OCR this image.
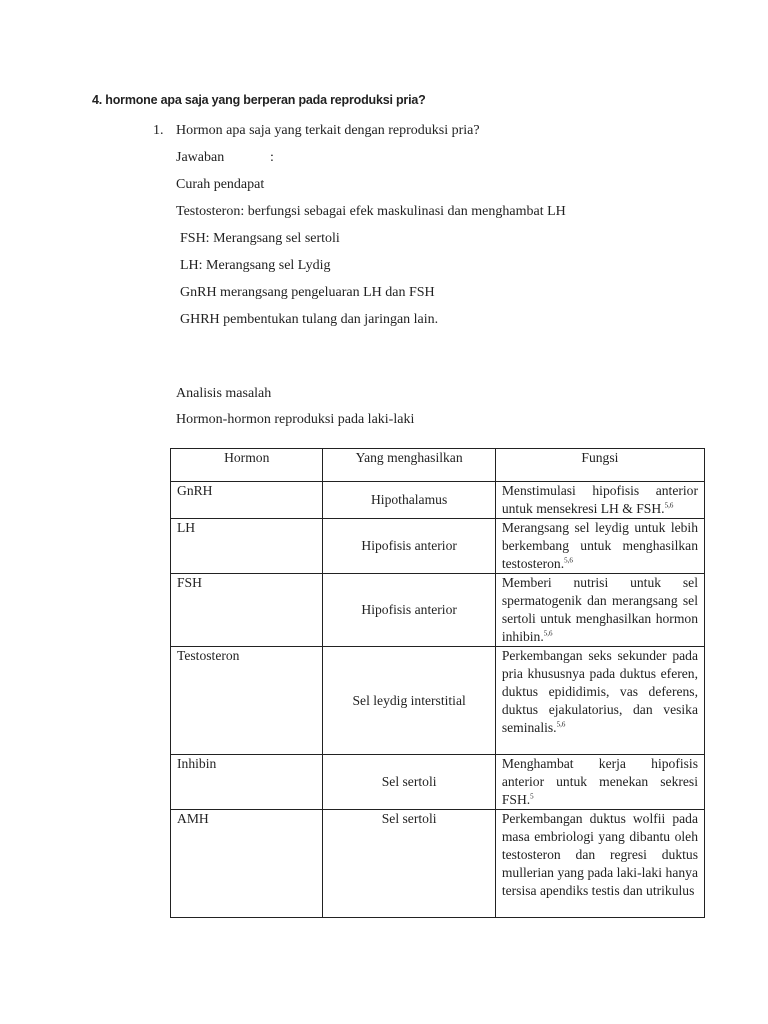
4. hormone apa saja yang berperan pada reproduksi pria?
1. Hormon apa saja yang terkait dengan reproduksi pria?
Jawaban	:
Curah pendapat
Testosteron: berfungsi sebagai efek maskulinasi dan menghambat LH
FSH: Merangsang sel sertoli
LH: Merangsang sel Lydig
GnRH merangsang pengeluaran LH dan FSH
GHRH pembentukan tulang dan jaringan lain.
Analisis masalah
Hormon-hormon reproduksi pada laki-laki
Hormon	Yang menghasilkan	Fungsi
GnRH	Hipothalamus	Menstimulasi hipofisis anterior untuk mensekresi LH & FSH.$^{5,6}$
LH	Hipofisis anterior	Merangsang sel leydig untuk lebih berkembang untuk menghasilkan testosteron.$^{5,6}$
FSH	Hipofisis anterior	Memberi nutrisi untuk sel spermatogenik dan merangsang sel sertoli untuk menghasilkan hormon inhibin.$^{5,6}$
Testosteron	Sel leydig interstitial	Perkembangan seks sekunder pada pria khususnya pada duktus eferen, duktus epididimis, vas deferens, duktus ejakulatorius, dan vesika seminalis.$^{5,6}$
Inhibin	Sel sertoli	Menghambat kerja hipofisis anterior untuk menekan sekresi FSH.$^5$
AMH	Sel sertoli	Perkembangan duktus wolfii pada masa embriologi yang dibantu oleh testosteron dan regresi duktus mullerian yang pada laki-laki hanya tersisa apendiks testis dan utrikulus
